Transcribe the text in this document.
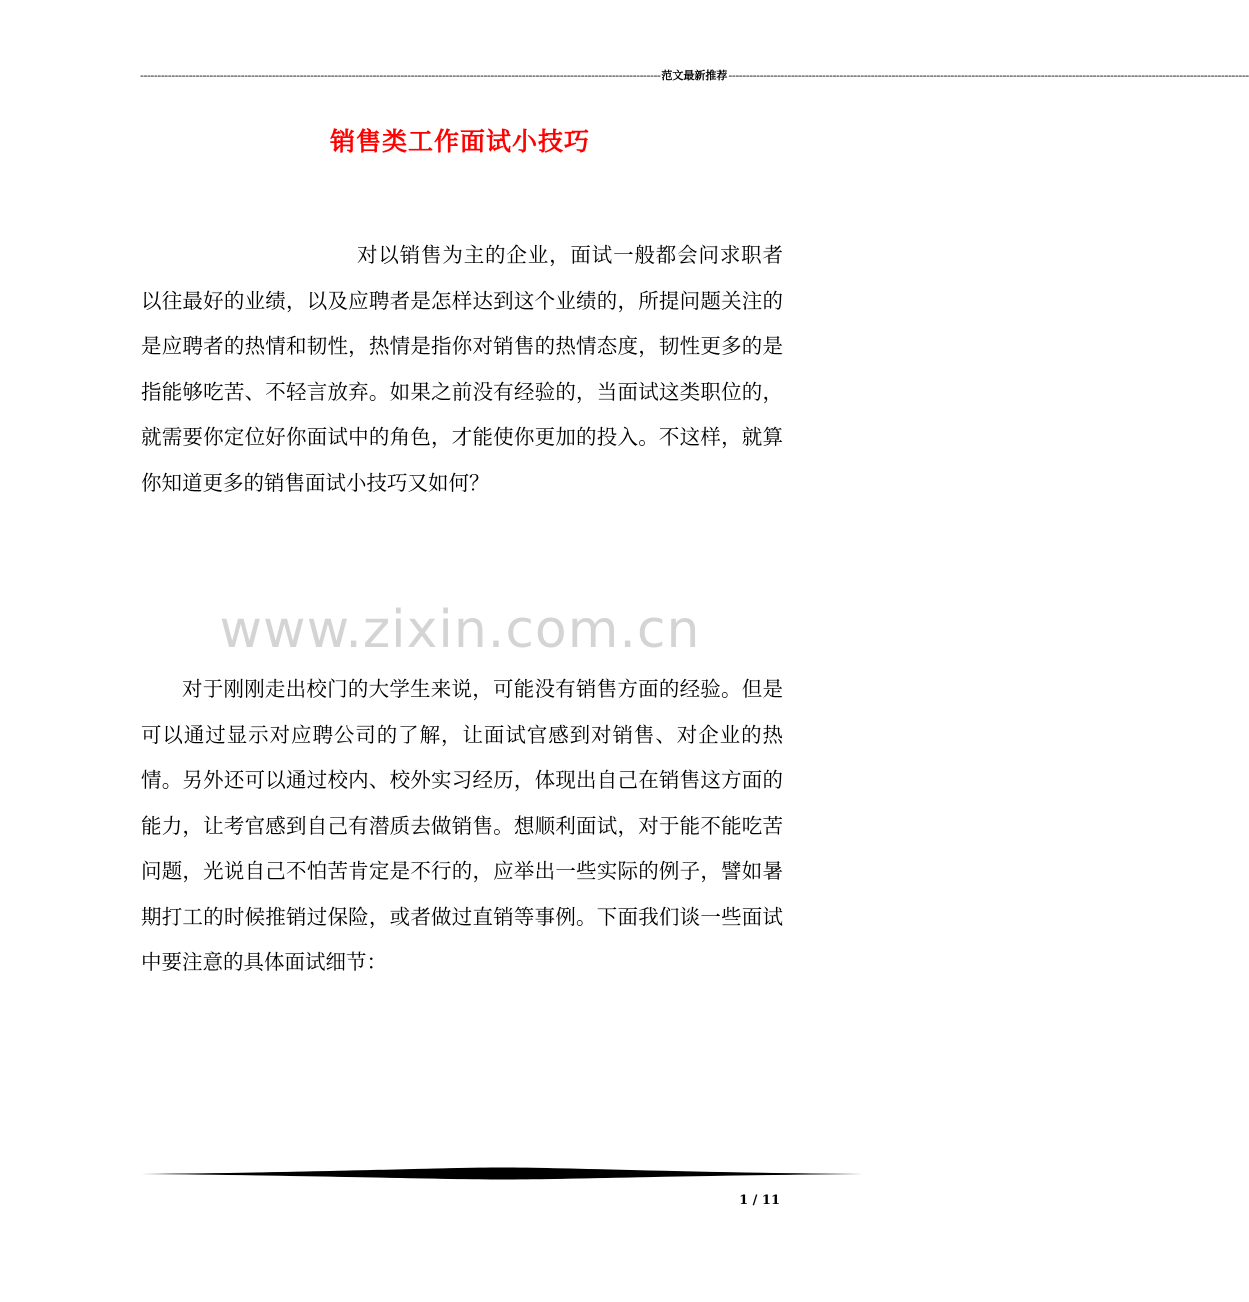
------------------------------------------------------------------------------------------------------------------------------------------------------ 范文最新推荐 ------------------------------------------------------------------------------------------------------------------------------------------------------
销售类工作面试小技巧
对以销售为主的企业，面试一般都会问求职者以往最好的业绩，以及应聘者是怎样达到这个业绩的，所提问题关注的是应聘者的热情和韧性，热情是指你对销售的热情态度，韧性更多的是指能够吃苦、不轻言放弃。如果之前没有经验的，当面试这类职位的，就需要你定位好你面试中的角色，才能使你更加的投入。不这样，就算你知道更多的销售面试小技巧又如何？
www.zixin.com.cn
对于刚刚走出校门的大学生来说，可能没有销售方面的经验。但是可以通过显示对应聘公司的了解，让面试官感到对销售、对企业的热情。另外还可以通过校内、校外实习经历，体现出自己在销售这方面的能力，让考官感到自己有潜质去做销售。想顺利面试，对于能不能吃苦问题，光说自己不怕苦肯定是不行的，应举出一些实际的例子，譬如暑期打工的时候推销过保险，或者做过直销等事例。下面我们谈一些面试中要注意的具体面试细节：
1 / 11
